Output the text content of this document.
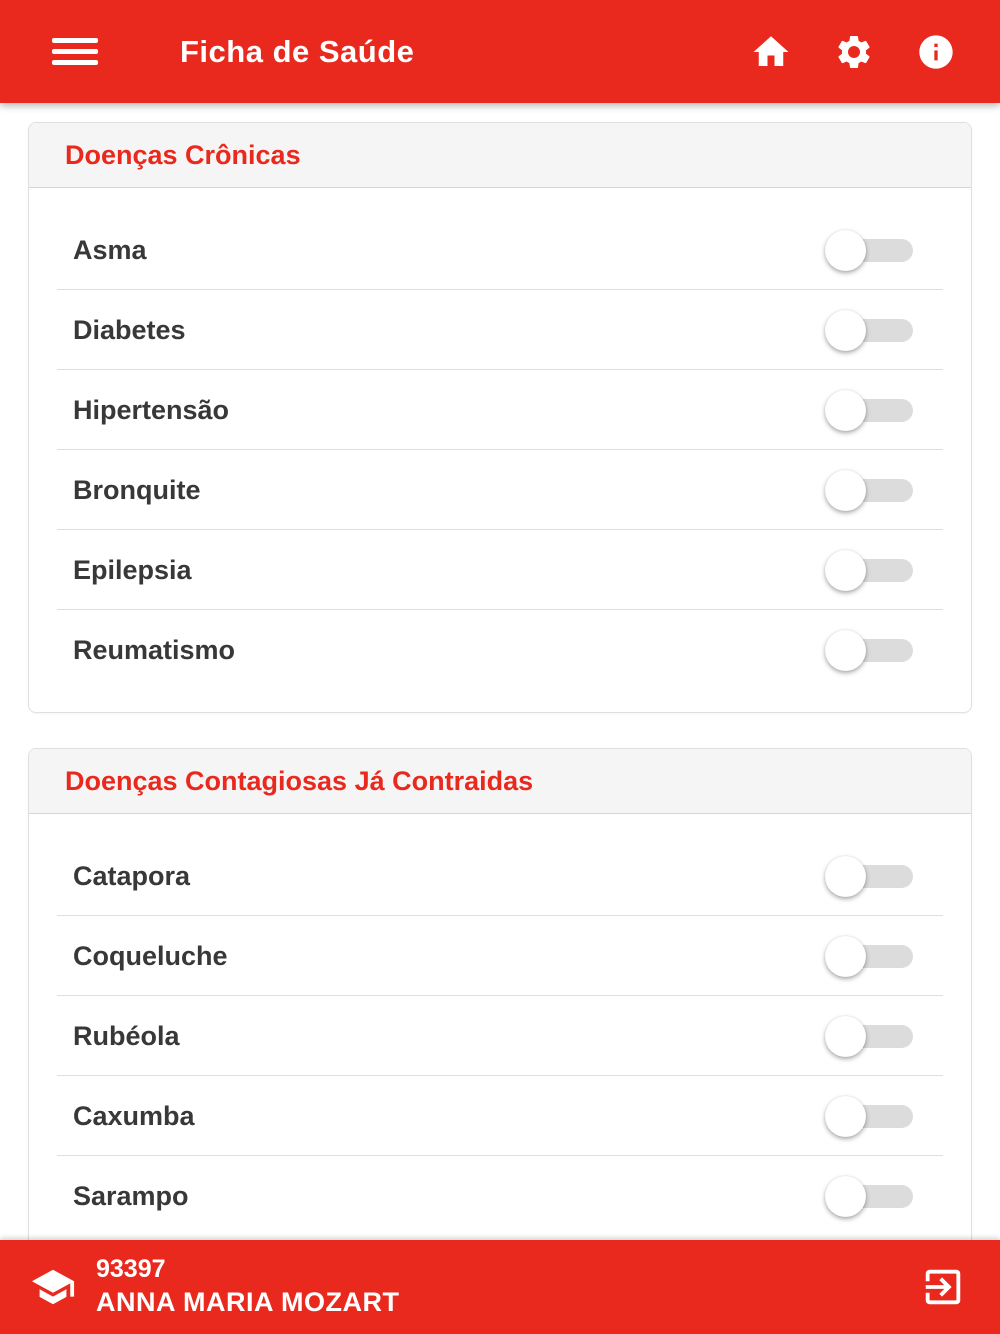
Ficha de Saúde
Doenças Crônicas
Asma
Diabetes
Hipertensão
Bronquite
Epilepsia
Reumatismo
Doenças Contagiosas Já Contraidas
Catapora
Coqueluche
Rubéola
Caxumba
Sarampo
93397
ANNA MARIA MOZART
